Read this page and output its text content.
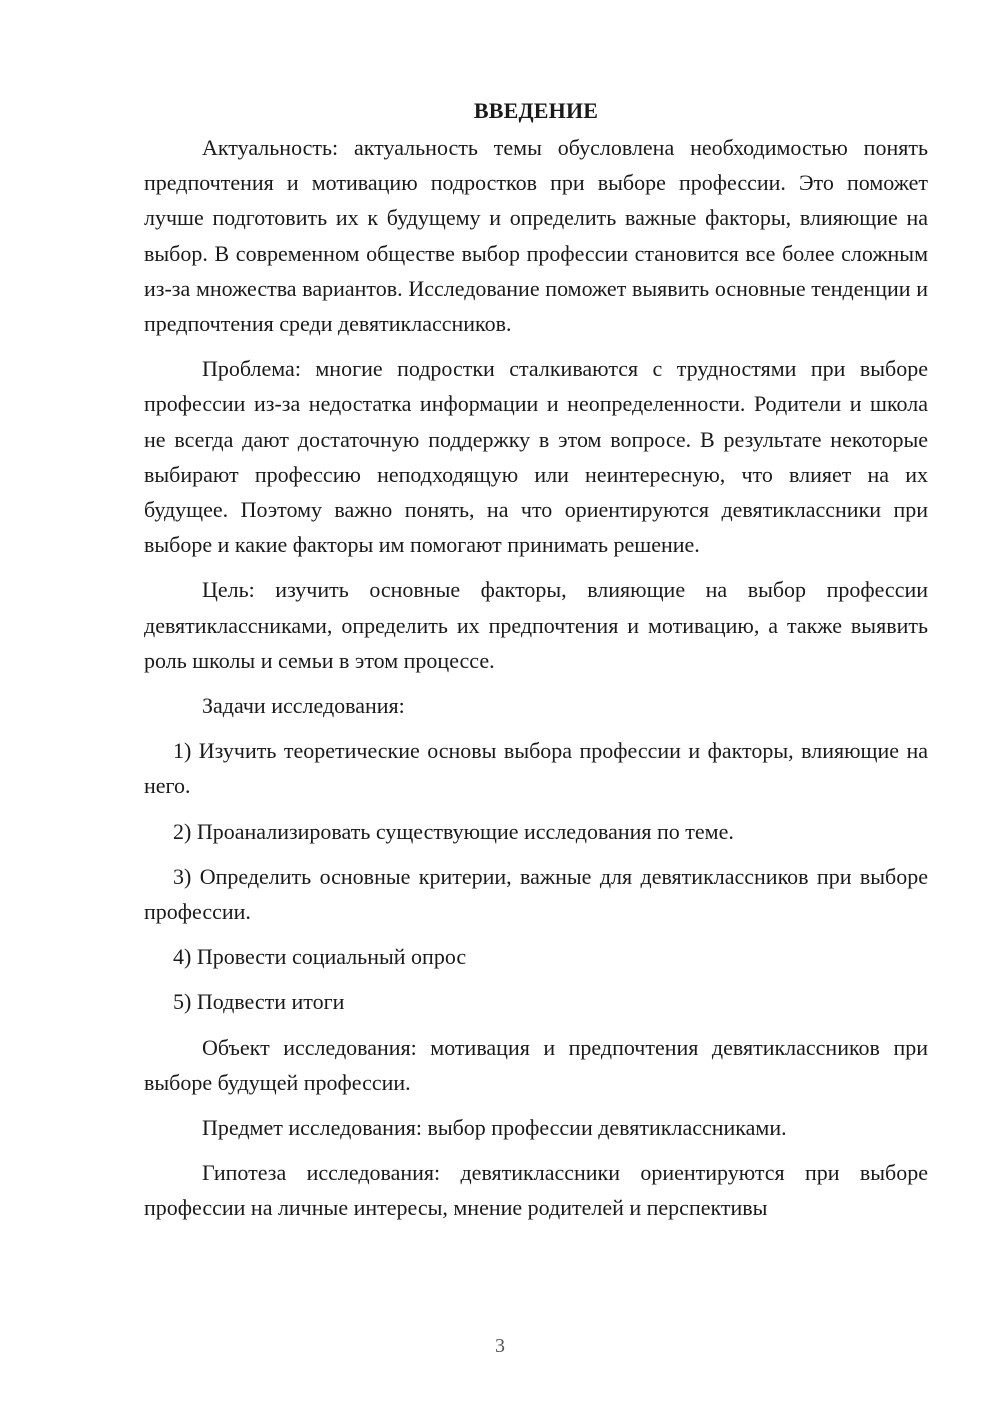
ВВЕДЕНИЕ

Актуальность: актуальность темы обусловлена необходимостью понять предпочтения и мотивацию подростков при выборе профессии. Это поможет лучше подготовить их к будущему и определить важные факторы, влияющие на выбор. В современном обществе выбор профессии становится все более сложным из-за множества вариантов. Исследование поможет выявить основные тенденции и предпочтения среди девятиклассников.

Проблема: многие подростки сталкиваются с трудностями при выборе профессии из-за недостатка информации и неопределенности. Родители и школа не всегда дают достаточную поддержку в этом вопросе. В результате некоторые выбирают профессию неподходящую или неинтересную, что влияет на их будущее. Поэтому важно понять, на что ориентируются девятиклассники при выборе и какие факторы им помогают принимать решение.

Цель: изучить основные факторы, влияющие на выбор профессии девятиклассниками, определить их предпочтения и мотивацию, а также выявить роль школы и семьи в этом процессе.

Задачи исследования:

1) Изучить теоретические основы выбора профессии и факторы, влияющие на него.

2) Проанализировать существующие исследования по теме.

3) Определить основные критерии, важные для девятиклассников при выборе профессии.

4) Провести социальный опрос

5) Подвести итоги

Объект исследования: мотивация и предпочтения девятиклассников при выборе будущей профессии.

Предмет исследования: выбор профессии девятиклассниками.

Гипотеза исследования: девятиклассники ориентируются при выборе профессии на личные интересы, мнение родителей и перспективы

3
